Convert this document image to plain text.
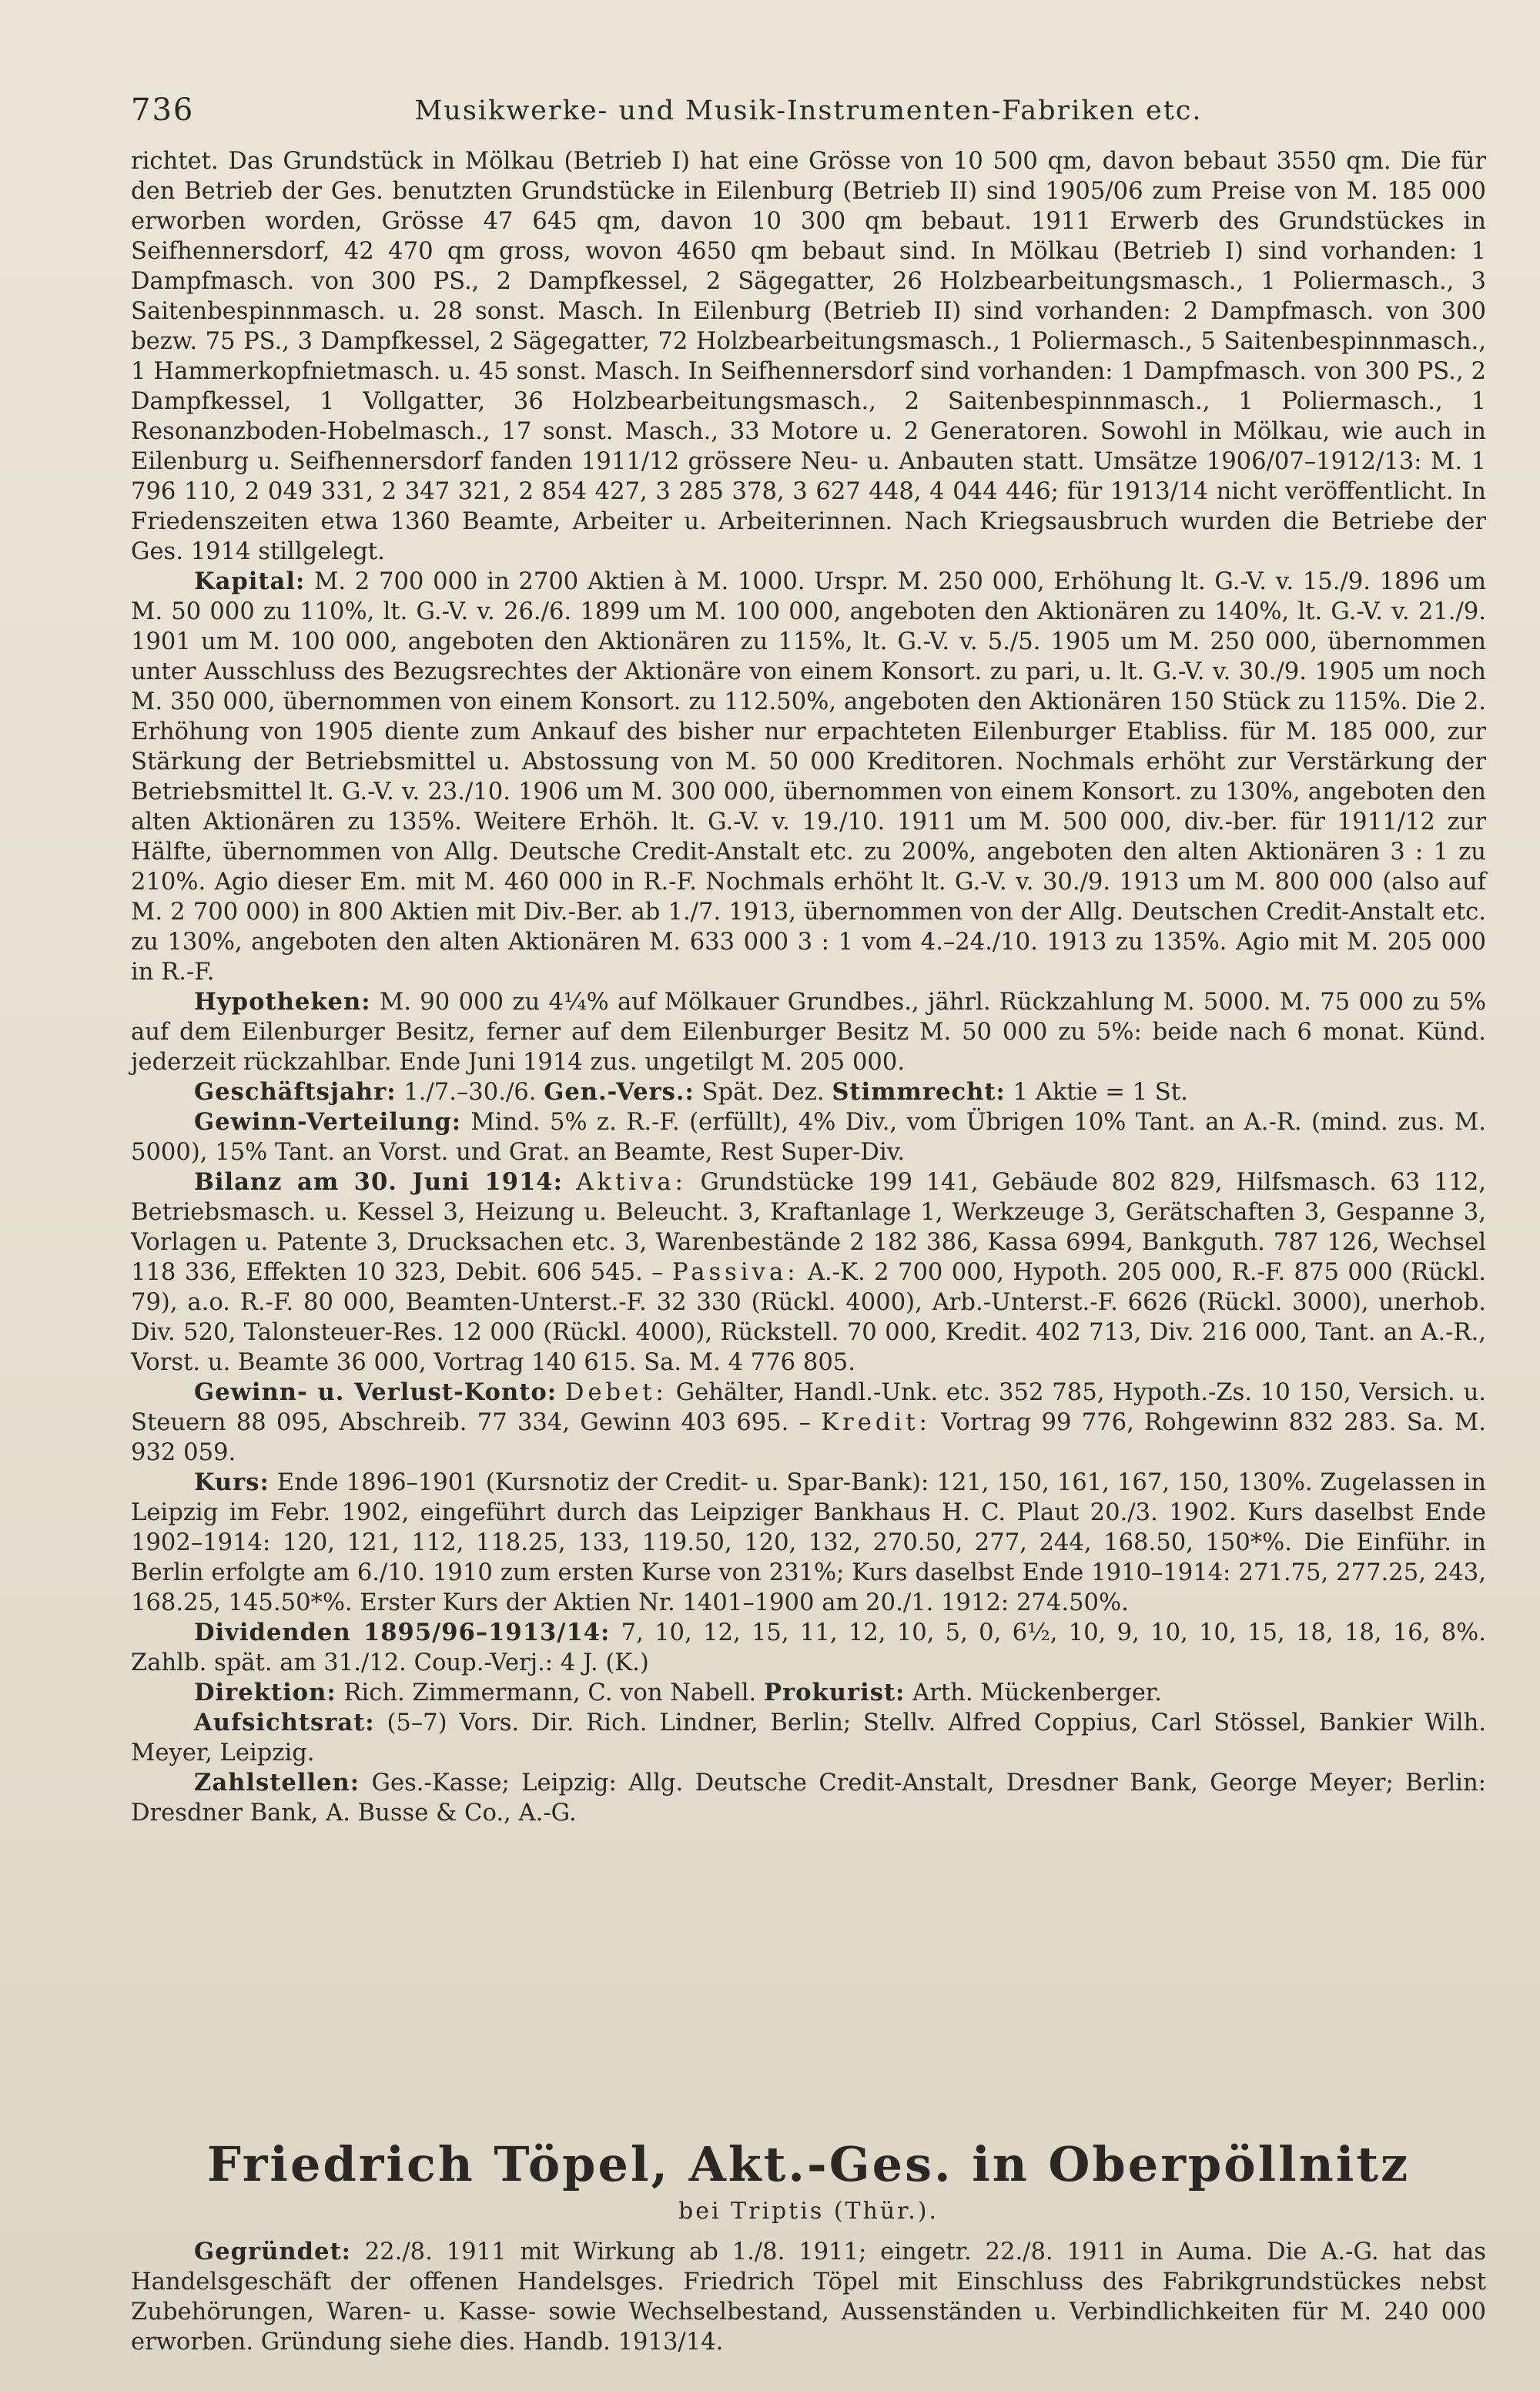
736	Musikwerke- und Musik-Instrumenten-Fabriken etc.

richtet. Das Grundstück in Mölkau (Betrieb I) hat eine Grösse von 10 500 qm, davon bebaut 3550 qm. Die für den Betrieb der Ges. benutzten Grundstücke in Eilenburg (Betrieb II) sind 1905/06 zum Preise von M. 185 000 erworben worden, Grösse 47 645 qm, davon 10 300 qm bebaut. 1911 Erwerb des Grundstückes in Seifhennersdorf, 42 470 qm gross, wovon 4650 qm bebaut sind. In Mölkau (Betrieb I) sind vorhanden: 1 Dampfmasch. von 300 PS., 2 Dampfkessel, 2 Sägegatter, 26 Holzbearbeitungsmasch., 1 Poliermasch., 3 Saitenbespinnmasch. u. 28 sonst. Masch. In Eilenburg (Betrieb II) sind vorhanden: 2 Dampfmasch. von 300 bezw. 75 PS., 3 Dampfkessel, 2 Sägegatter, 72 Holzbearbeitungsmasch., 1 Poliermasch., 5 Saitenbespinnmasch., 1 Hammerkopfnietmasch. u. 45 sonst. Masch. In Seifhennersdorf sind vorhanden: 1 Dampfmasch. von 300 PS., 2 Dampfkessel, 1 Vollgatter, 36 Holzbearbeitungsmasch., 2 Saitenbespinnmasch., 1 Poliermasch., 1 Resonanzboden-Hobelmasch., 17 sonst. Masch., 33 Motore u. 2 Generatoren. Sowohl in Mölkau, wie auch in Eilenburg u. Seifhennersdorf fanden 1911/12 grössere Neu- u. Anbauten statt. Umsätze 1906/07–1912/13: M. 1 796 110, 2 049 331, 2 347 321, 2 854 427, 3 285 378, 3 627 448, 4 044 446; für 1913/14 nicht veröffentlicht. In Friedenszeiten etwa 1360 Beamte, Arbeiter u. Arbeiterinnen. Nach Kriegsausbruch wurden die Betriebe der Ges. 1914 stillgelegt.

Kapital: M. 2 700 000 in 2700 Aktien à M. 1000. Urspr. M. 250 000, Erhöhung lt. G.-V. v. 15./9. 1896 um M. 50 000 zu 110%, lt. G.-V. v. 26./6. 1899 um M. 100 000, angeboten den Aktionären zu 140%, lt. G.-V. v. 21./9. 1901 um M. 100 000, angeboten den Aktionären zu 115%, lt. G.-V. v. 5./5. 1905 um M. 250 000, übernommen unter Ausschluss des Bezugsrechtes der Aktionäre von einem Konsort. zu pari, u. lt. G.-V. v. 30./9. 1905 um noch M. 350 000, übernommen von einem Konsort. zu 112.50%, angeboten den Aktionären 150 Stück zu 115%. Die 2. Erhöhung von 1905 diente zum Ankauf des bisher nur erpachteten Eilenburger Etabliss. für M. 185 000, zur Stärkung der Betriebsmittel u. Abstossung von M. 50 000 Kreditoren. Nochmals erhöht zur Verstärkung der Betriebsmittel lt. G.-V. v. 23./10. 1906 um M. 300 000, übernommen von einem Konsort. zu 130%, angeboten den alten Aktionären zu 135%. Weitere Erhöh. lt. G.-V. v. 19./10. 1911 um M. 500 000, div.-ber. für 1911/12 zur Hälfte, übernommen von Allg. Deutsche Credit-Anstalt etc. zu 200%, angeboten den alten Aktionären 3 : 1 zu 210%. Agio dieser Em. mit M. 460 000 in R.-F. Nochmals erhöht lt. G.-V. v. 30./9. 1913 um M. 800 000 (also auf M. 2 700 000) in 800 Aktien mit Div.-Ber. ab 1./7. 1913, übernommen von der Allg. Deutschen Credit-Anstalt etc. zu 130%, angeboten den alten Aktionären M. 633 000 3 : 1 vom 4.–24./10. 1913 zu 135%. Agio mit M. 205 000 in R.-F.

Hypotheken: M. 90 000 zu 4¼% auf Mölkauer Grundbes., jährl. Rückzahlung M. 5000. M. 75 000 zu 5% auf dem Eilenburger Besitz, ferner auf dem Eilenburger Besitz M. 50 000 zu 5%: beide nach 6 monat. Künd. jederzeit rückzahlbar. Ende Juni 1914 zus. ungetilgt M. 205 000.

Geschäftsjahr: 1./7.–30./6. Gen.-Vers.: Spät. Dez. Stimmrecht: 1 Aktie = 1 St.

Gewinn-Verteilung: Mind. 5% z. R.-F. (erfüllt), 4% Div., vom Übrigen 10% Tant. an A.-R. (mind. zus. M. 5000), 15% Tant. an Vorst. und Grat. an Beamte, Rest Super-Div.

Bilanz am 30. Juni 1914: Aktiva: Grundstücke 199 141, Gebäude 802 829, Hilfsmasch. 63 112, Betriebsmasch. u. Kessel 3, Heizung u. Beleucht. 3, Kraftanlage 1, Werkzeuge 3, Gerätschaften 3, Gespanne 3, Vorlagen u. Patente 3, Drucksachen etc. 3, Warenbestände 2 182 386, Kassa 6994, Bankguth. 787 126, Wechsel 118 336, Effekten 10 323, Debit. 606 545. – Passiva: A.-K. 2 700 000, Hypoth. 205 000, R.-F. 875 000 (Rückl. 79), a.o. R.-F. 80 000, Beamten-Unterst.-F. 32 330 (Rückl. 4000), Arb.-Unterst.-F. 6626 (Rückl. 3000), unerhob. Div. 520, Talonsteuer-Res. 12 000 (Rückl. 4000), Rückstell. 70 000, Kredit. 402 713, Div. 216 000, Tant. an A.-R., Vorst. u. Beamte 36 000, Vortrag 140 615. Sa. M. 4 776 805.

Gewinn- u. Verlust-Konto: Debet: Gehälter, Handl.-Unk. etc. 352 785, Hypoth.-Zs. 10 150, Versich. u. Steuern 88 095, Abschreib. 77 334, Gewinn 403 695. – Kredit: Vortrag 99 776, Rohgewinn 832 283. Sa. M. 932 059.

Kurs: Ende 1896–1901 (Kursnotiz der Credit- u. Spar-Bank): 121, 150, 161, 167, 150, 130%. Zugelassen in Leipzig im Febr. 1902, eingeführt durch das Leipziger Bankhaus H. C. Plaut 20./3. 1902. Kurs daselbst Ende 1902–1914: 120, 121, 112, 118.25, 133, 119.50, 120, 132, 270.50, 277, 244, 168.50, 150*%. Die Einführ. in Berlin erfolgte am 6./10. 1910 zum ersten Kurse von 231%; Kurs daselbst Ende 1910–1914: 271.75, 277.25, 243, 168.25, 145.50*%. Erster Kurs der Aktien Nr. 1401–1900 am 20./1. 1912: 274.50%.

Dividenden 1895/96–1913/14: 7, 10, 12, 15, 11, 12, 10, 5, 0, 6½, 10, 9, 10, 10, 15, 18, 18, 16, 8%. Zahlb. spät. am 31./12. Coup.-Verj.: 4 J. (K.)

Direktion: Rich. Zimmermann, C. von Nabell. Prokurist: Arth. Mückenberger.

Aufsichtsrat: (5–7) Vors. Dir. Rich. Lindner, Berlin; Stellv. Alfred Coppius, Carl Stössel, Bankier Wilh. Meyer, Leipzig.

Zahlstellen: Ges.-Kasse; Leipzig: Allg. Deutsche Credit-Anstalt, Dresdner Bank, George Meyer; Berlin: Dresdner Bank, A. Busse & Co., A.-G.

Friedrich Töpel, Akt.-Ges. in Oberpöllnitz
bei Triptis (Thür.).

Gegründet: 22./8. 1911 mit Wirkung ab 1./8. 1911; eingetr. 22./8. 1911 in Auma. Die A.-G. hat das Handelsgeschäft der offenen Handelsges. Friedrich Töpel mit Einschluss des Fabrikgrundstückes nebst Zubehörungen, Waren- u. Kasse- sowie Wechselbestand, Aussenständen u. Verbindlichkeiten für M. 240 000 erworben. Gründung siehe dies. Handb. 1913/14.
